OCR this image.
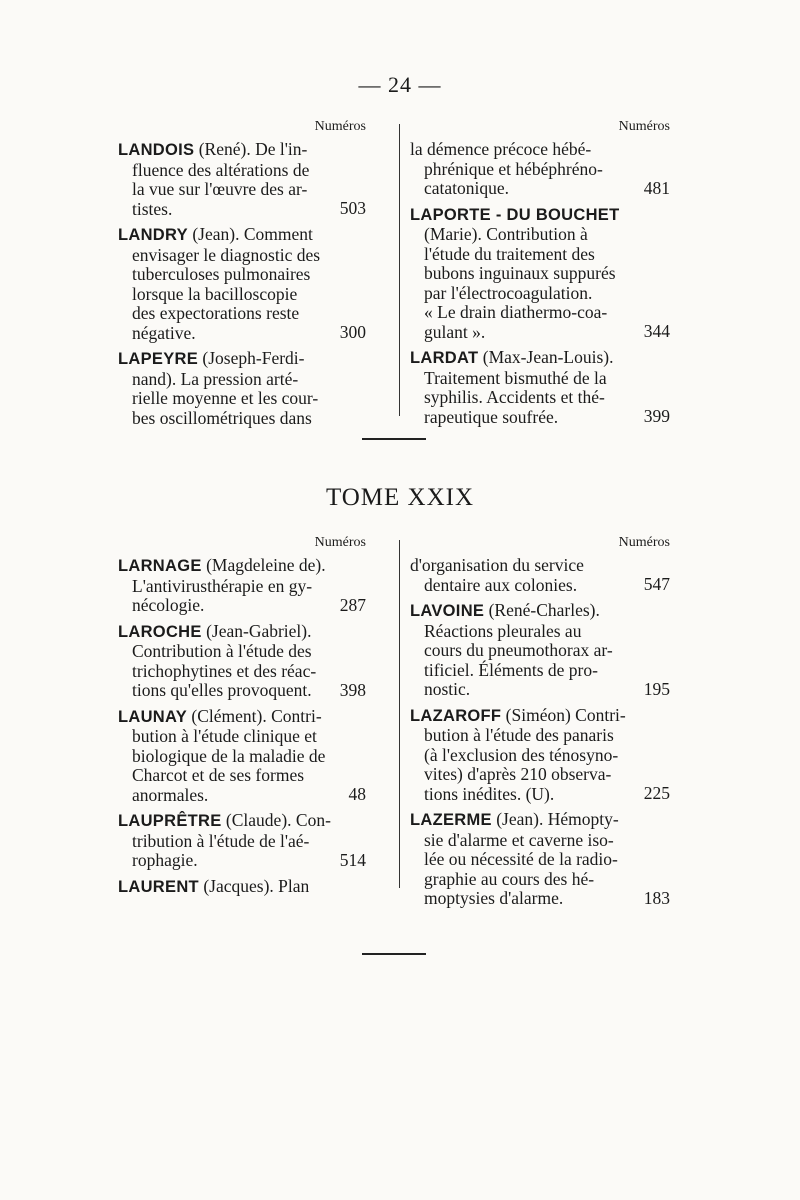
— 24 —
Numéros
LANDOIS (René). De l'in-
fluence des altérations de
la vue sur l'œuvre des ar-
tistes.	503
LANDRY (Jean). Comment
envisager le diagnostic des
tuberculoses pulmonaires
lorsque la bacilloscopie
des expectorations reste
négative.	300
LAPEYRE (Joseph-Ferdi-
nand). La pression arté-
rielle moyenne et les cour-
bes oscillométriques dans
Numéros
la démence précoce hébé-
phrénique et hébéphréno-
catatonique.	481
LAPORTE - DU BOUCHET
(Marie). Contribution à
l'étude du traitement des
bubons inguinaux suppurés
par l'électrocoagulation.
« Le drain diathermo-coa-
gulant ».	344
LARDAT (Max-Jean-Louis).
Traitement bismuthé de la
syphilis. Accidents et thé-
rapeutique soufrée.	399
TOME XXIX
Numéros
LARNAGE (Magdeleine de).
L'antivirusthérapie en gy-
nécologie.	287
LAROCHE (Jean-Gabriel).
Contribution à l'étude des
trichophytines et des réac-
tions qu'elles provoquent.	398
LAUNAY (Clément). Contri-
bution à l'étude clinique et
biologique de la maladie de
Charcot et de ses formes
anormales.	48
LAUPRÊTRE (Claude). Con-
tribution à l'étude de l'aé-
rophagie.	514
LAURENT (Jacques). Plan
Numéros
d'organisation du service
dentaire aux colonies.	547
LAVOINE (René-Charles).
Réactions pleurales au
cours du pneumothorax ar-
tificiel. Éléments de pro-
nostic.	195
LAZAROFF (Siméon) Contri-
bution à l'étude des panaris
(à l'exclusion des ténosyno-
vites) d'après 210 observa-
tions inédites. (U).	225
LAZERME (Jean). Hémopty-
sie d'alarme et caverne iso-
lée ou nécessité de la radio-
graphie au cours des hé-
moptysies d'alarme.	183
